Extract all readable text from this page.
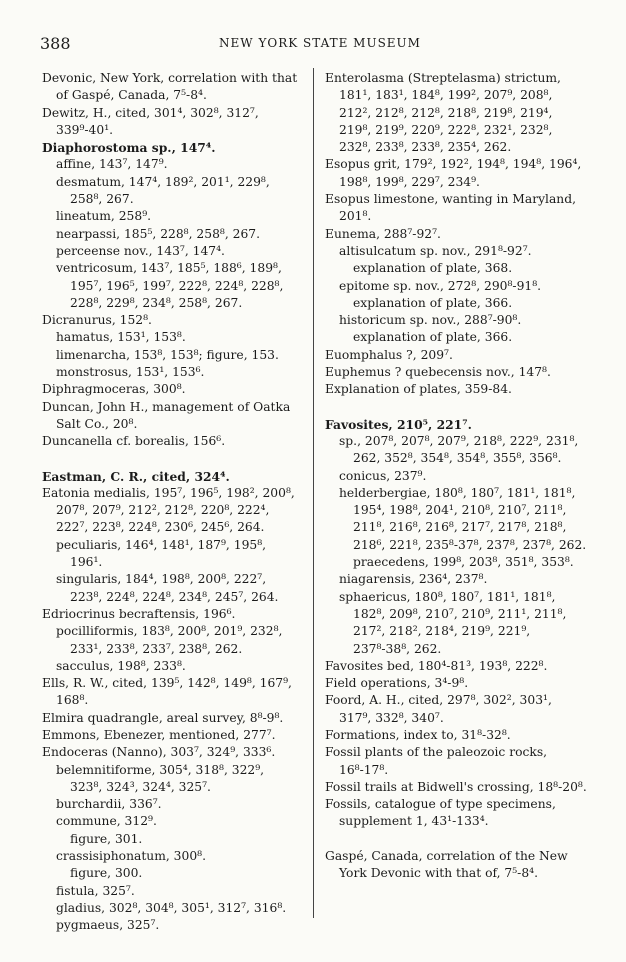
388	NEW YORK STATE MUSEUM

Devonic, New York, correlation with that of Gaspé, Canada, 7⁵-8⁴.

Dewitz, H., cited, 301⁴, 302⁸, 312⁷, 339⁹-40¹.

Diaphorostoma sp., 147⁴.

affine, 143⁷, 147⁹.

desmatum, 147⁴, 189², 201¹, 229⁸, 258⁸, 267.

lineatum, 258⁹.

nearpassi, 185⁵, 228⁸, 258⁸, 267.

perceense nov., 143⁷, 147⁴.

ventricosum, 143⁷, 185⁵, 188⁶, 189⁸, 195⁷, 196⁵, 199⁷, 222⁸, 224⁸, 228⁸, 228⁸, 229⁸, 234⁸, 258⁸, 267.

Dicranurus, 152⁸.

hamatus, 153¹, 153⁸.

limenarcha, 153⁸, 153⁸; figure, 153.

monstrosus, 153¹, 153⁶.

Diphragmoceras, 300⁸.

Duncan, John H., management of Oatka Salt Co., 20⁸.

Duncanella cf. borealis, 156⁶.

Eastman, C. R., cited, 324⁴.

Eatonia medialis, 195⁷, 196⁵, 198², 200⁸, 207⁸, 207⁹, 212², 212⁸, 220⁸, 222⁴, 222⁷, 223⁸, 224⁸, 230⁶, 245⁶, 264.

peculiaris, 146⁴, 148¹, 187⁹, 195⁸, 196¹.

singularis, 184⁴, 198⁸, 200⁸, 222⁷, 223⁸, 224⁸, 224⁸, 234⁸, 245⁷, 264.

Edriocrinus becraftensis, 196⁶.

pocilliformis, 183⁸, 200⁸, 201⁹, 232⁸, 233¹, 233⁸, 233⁷, 238⁸, 262.

sacculus, 198⁸, 233⁸.

Ells, R. W., cited, 139⁵, 142⁸, 149⁸, 167⁹, 168⁸.

Elmira quadrangle, areal survey, 8⁸-9⁸.

Emmons, Ebenezer, mentioned, 277⁷.

Endoceras (Nanno), 303⁷, 324⁹, 333⁶.

belemnitiforme, 305⁴, 318⁸, 322⁹, 323⁸, 324³, 324⁴, 325⁷.

burchardii, 336⁷.

commune, 312⁹.

figure, 301.

crassisiphonatum, 300⁸.

figure, 300.

fistula, 325⁷.

gladius, 302⁸, 304⁸, 305¹, 312⁷, 316⁸.

pygmaeus, 325⁷.

Enterolasma (Streptelasma) strictum, 181¹, 183¹, 184⁸, 199², 207⁹, 208⁸, 212², 212⁸, 212⁸, 218⁸, 219⁸, 219⁴, 219⁸, 219⁹, 220⁹, 222⁸, 232¹, 232⁸, 232⁸, 233⁸, 233⁸, 235⁴, 262.

Esopus grit, 179², 192², 194⁸, 194⁸, 196⁴, 198⁸, 199⁸, 229⁷, 234⁹.

Esopus limestone, wanting in Maryland, 201⁸.

Eunema, 288⁷-92⁷.

altisulcatum sp. nov., 291⁸-92⁷.

explanation of plate, 368.

epitome sp. nov., 272⁸, 290⁸-91⁸.

explanation of plate, 366.

historicum sp. nov., 288⁷-90⁸.

explanation of plate, 366.

Euomphalus ?, 209⁷.

Euphemus ? quebecensis nov., 147⁸.

Explanation of plates, 359-84.

Favosites, 210⁵, 221⁷.

sp., 207⁸, 207⁸, 207⁹, 218⁸, 222⁹, 231⁸, 262, 352⁸, 354⁸, 354⁸, 355⁸, 356⁸.

conicus, 237⁹.

helderbergiae, 180⁸, 180⁷, 181¹, 181⁸, 195⁴, 198⁸, 204¹, 210⁸, 210⁷, 211⁸, 211⁸, 216⁸, 216⁸, 217⁷, 217⁸, 218⁸, 218⁶, 221⁸, 235⁸-37⁸, 237⁸, 237⁸, 262.

praecedens, 199⁸, 203⁸, 351⁸, 353⁸.

niagarensis, 236⁴, 237⁸.

sphaericus, 180⁸, 180⁷, 181¹, 181⁸, 182⁸, 209⁸, 210⁷, 210⁹, 211¹, 211⁸, 217², 218², 218⁴, 219⁹, 221⁹, 237⁸-38⁸, 262.

Favosites bed, 180⁴-81³, 193⁸, 222⁸.

Field operations, 3⁴-9⁸.

Foord, A. H., cited, 297⁸, 302², 303¹, 317⁹, 332⁸, 340⁷.

Formations, index to, 31⁸-32⁸.

Fossil plants of the paleozoic rocks, 16⁸-17⁸.

Fossil trails at Bidwell's crossing, 18⁸-20⁸.

Fossils, catalogue of type specimens, supplement 1, 43¹-133⁴.

Gaspé, Canada, correlation of the New York Devonic with that of, 7⁵-8⁴.
